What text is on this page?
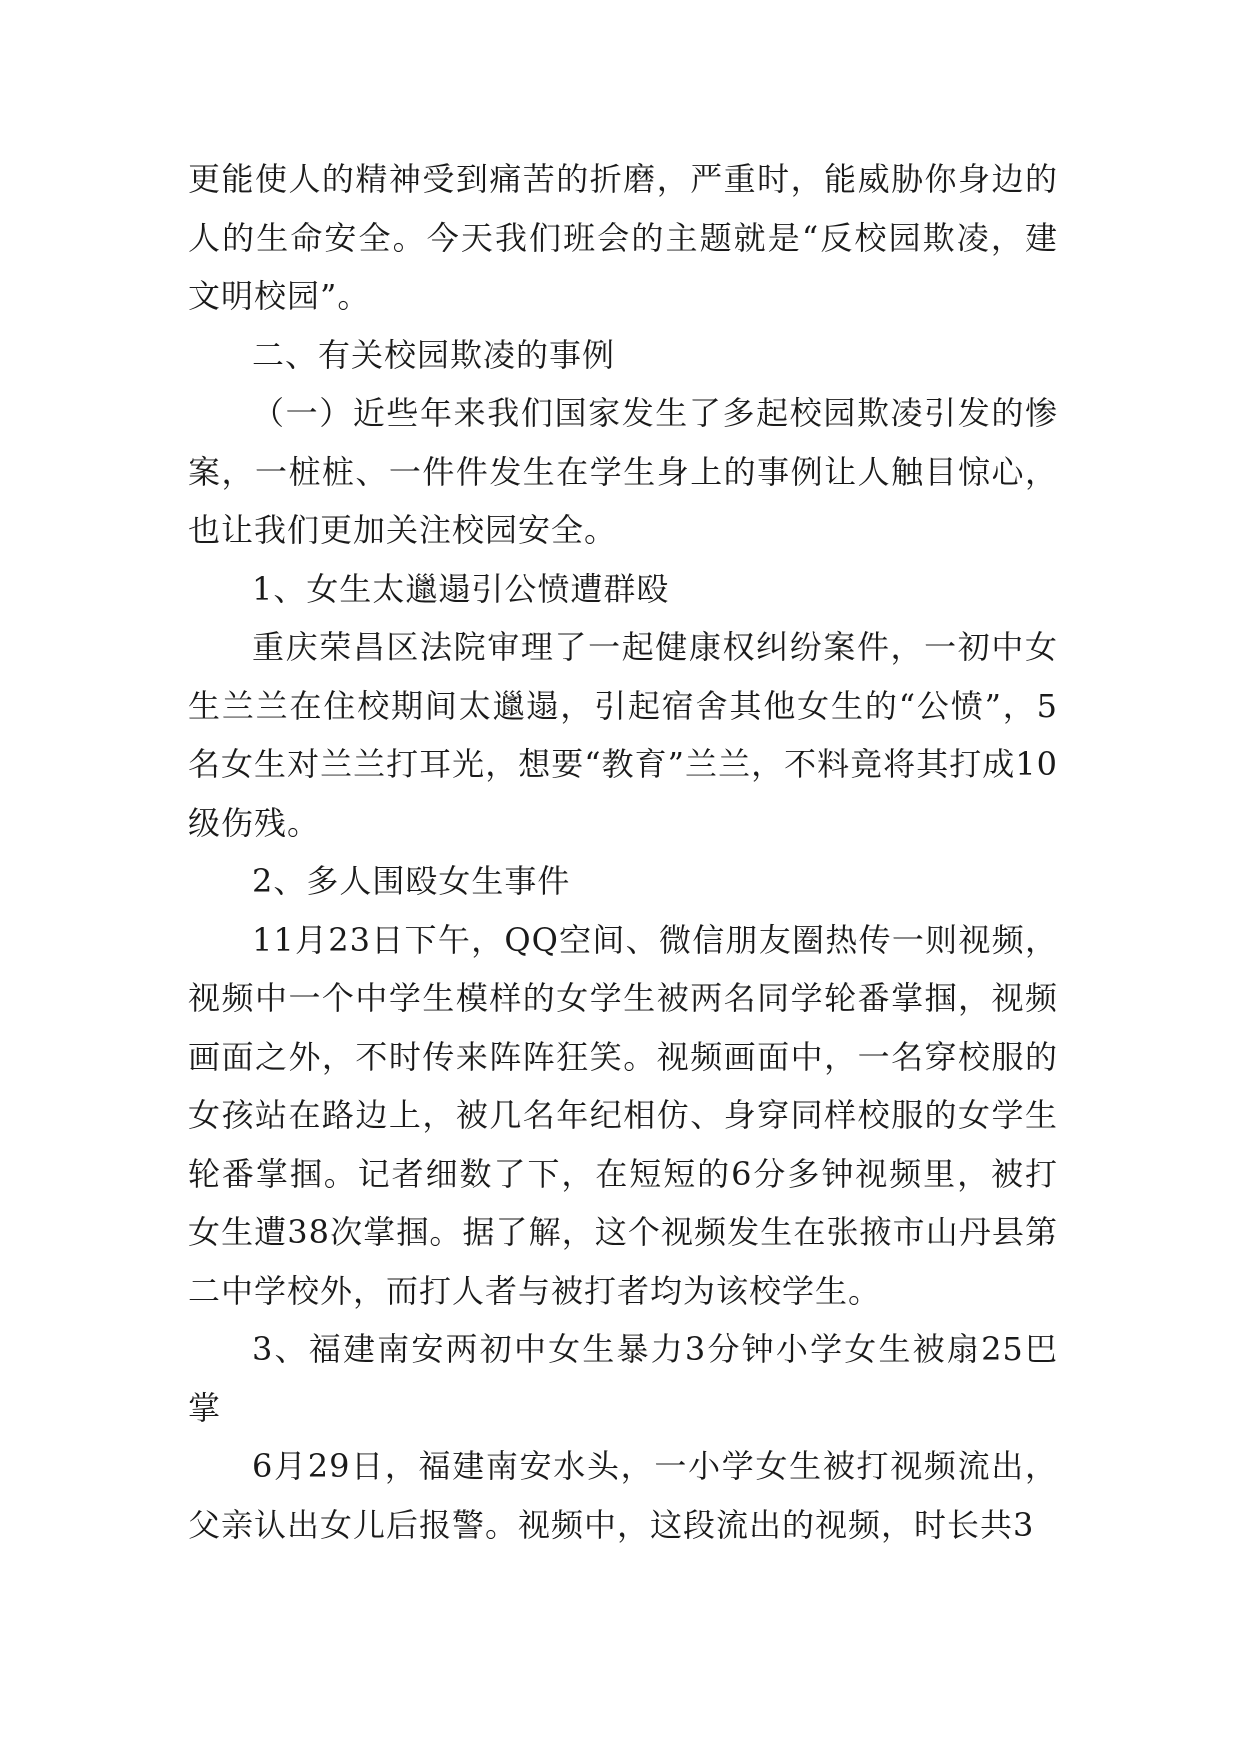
更能使人的精神受到痛苦的折磨，严重时，能威胁你身边的人的生命安全。今天我们班会的主题就是“反校园欺凌，建文明校园”。

二、有关校园欺凌的事例

（一）近些年来我们国家发生了多起校园欺凌引发的惨案，一桩桩、一件件发生在学生身上的事例让人触目惊心，也让我们更加关注校园安全。

1、女生太邋遢引公愤遭群殴

重庆荣昌区法院审理了一起健康权纠纷案件，一初中女生兰兰在住校期间太邋遢，引起宿舍其他女生的“公愤”，5名女生对兰兰打耳光，想要“教育”兰兰，不料竟将其打成10级伤残。

2、多人围殴女生事件

11月23日下午，QQ空间、微信朋友圈热传一则视频，视频中一个中学生模样的女学生被两名同学轮番掌掴，视频画面之外，不时传来阵阵狂笑。视频画面中，一名穿校服的女孩站在路边上，被几名年纪相仿、身穿同样校服的女学生轮番掌掴。记者细数了下，在短短的6分多钟视频里，被打女生遭38次掌掴。据了解，这个视频发生在张掖市山丹县第二中学校外，而打人者与被打者均为该校学生。

3、福建南安两初中女生暴力3分钟小学女生被扇25巴掌

6月29日，福建南安水头，一小学女生被打视频流出，父亲认出女儿后报警。视频中，这段流出的视频，时长共3
